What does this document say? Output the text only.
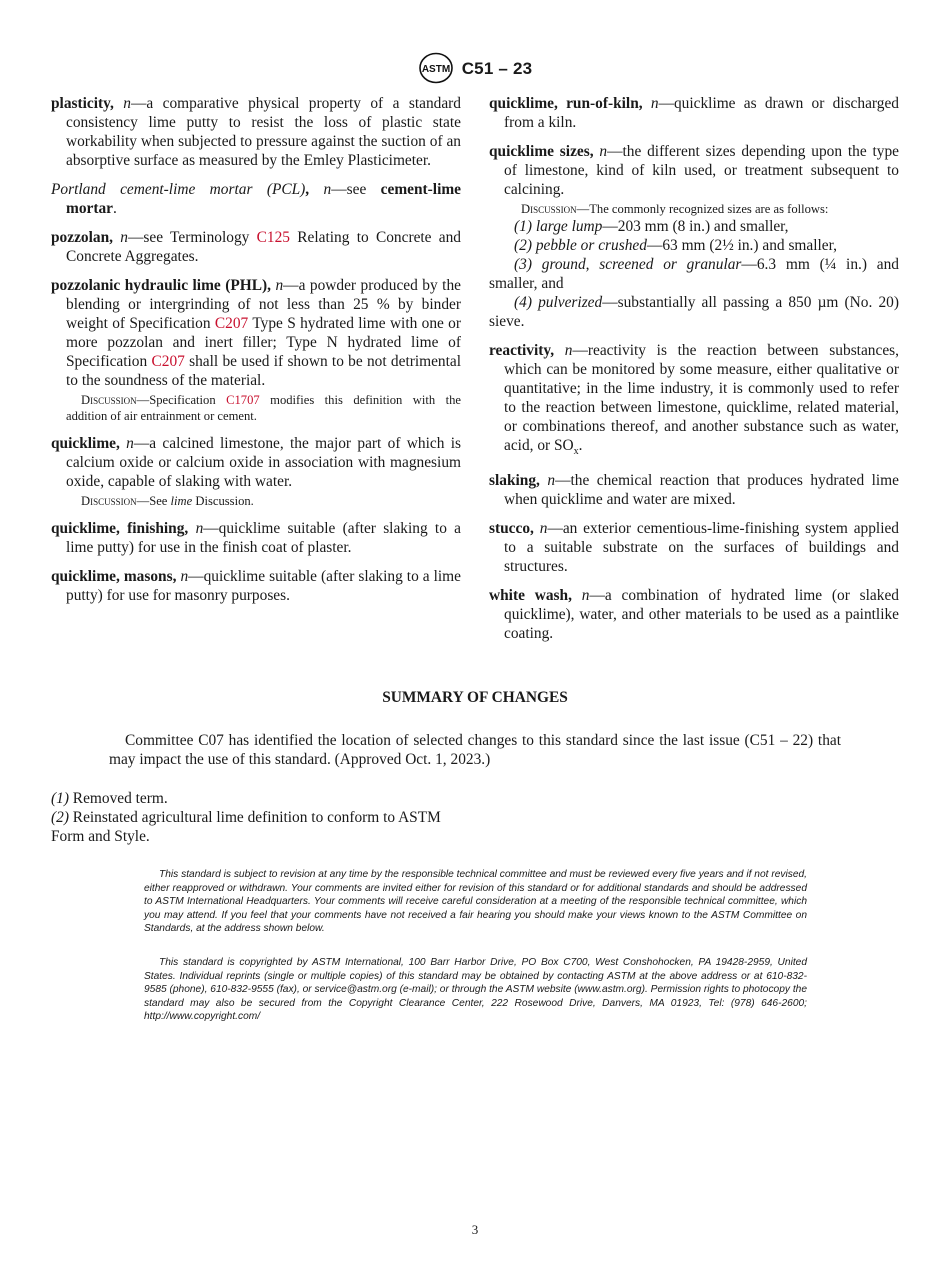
ASTM C51 – 23

plasticity, n—a comparative physical property of a standard consistency lime putty to resist the loss of plastic state workability when subjected to pressure against the suction of an absorptive surface as measured by the Emley Plasticimeter.

Portland cement-lime mortar (PCL), n—see cement-lime mortar.

pozzolan, n—see Terminology C125 Relating to Concrete and Concrete Aggregates.

pozzolanic hydraulic lime (PHL), n—a powder produced by the blending or intergrinding of not less than 25 % by binder weight of Specification C207 Type S hydrated lime with one or more pozzolan and inert filler; Type N hydrated lime of Specification C207 shall be used if shown to be not detrimental to the soundness of the material.

Discussion—Specification C1707 modifies this definition with the addition of air entrainment or cement.

quicklime, n—a calcined limestone, the major part of which is calcium oxide or calcium oxide in association with magnesium oxide, capable of slaking with water.

Discussion—See lime Discussion.

quicklime, finishing, n—quicklime suitable (after slaking to a lime putty) for use in the finish coat of plaster.

quicklime, masons, n—quicklime suitable (after slaking to a lime putty) for use for masonry purposes.

quicklime, run-of-kiln, n—quicklime as drawn or discharged from a kiln.

quicklime sizes, n—the different sizes depending upon the type of limestone, kind of kiln used, or treatment subsequent to calcining.

Discussion—The commonly recognized sizes are as follows:

(1) large lump—203 mm (8 in.) and smaller,

(2) pebble or crushed—63 mm (2½ in.) and smaller,

(3) ground, screened or granular—6.3 mm (¼ in.) and smaller, and

(4) pulverized—substantially all passing a 850 µm (No. 20) sieve.

reactivity, n—reactivity is the reaction between substances, which can be monitored by some measure, either qualitative or quantitative; in the lime industry, it is commonly used to refer to the reaction between limestone, quicklime, related material, or combinations thereof, and another substance such as water, acid, or $SO_x$.

slaking, n—the chemical reaction that produces hydrated lime when quicklime and water are mixed.

stucco, n—an exterior cementious-lime-finishing system applied to a suitable substrate on the surfaces of buildings and structures.

white wash, n—a combination of hydrated lime (or slaked quicklime), water, and other materials to be used as a paintlike coating.

SUMMARY OF CHANGES
Committee C07 has identified the location of selected changes to this standard since the last issue (C51 – 22) that may impact the use of this standard. (Approved Oct. 1, 2023.)

(1) Removed term.

(2) Reinstated agricultural lime definition to conform to ASTM Form and Style.

This standard is subject to revision at any time by the responsible technical committee and must be reviewed every five years and if not revised, either reapproved or withdrawn. Your comments are invited either for revision of this standard or for additional standards and should be addressed to ASTM International Headquarters. Your comments will receive careful consideration at a meeting of the responsible technical committee, which you may attend. If you feel that your comments have not received a fair hearing you should make your views known to the ASTM Committee on Standards, at the address shown below.

This standard is copyrighted by ASTM International, 100 Barr Harbor Drive, PO Box C700, West Conshohocken, PA 19428-2959, United States. Individual reprints (single or multiple copies) of this standard may be obtained by contacting ASTM at the above address or at 610-832-9585 (phone), 610-832-9555 (fax), or service@astm.org (e-mail); or through the ASTM website (www.astm.org). Permission rights to photocopy the standard may also be secured from the Copyright Clearance Center, 222 Rosewood Drive, Danvers, MA 01923, Tel: (978) 646-2600; http://www.copyright.com/

3
